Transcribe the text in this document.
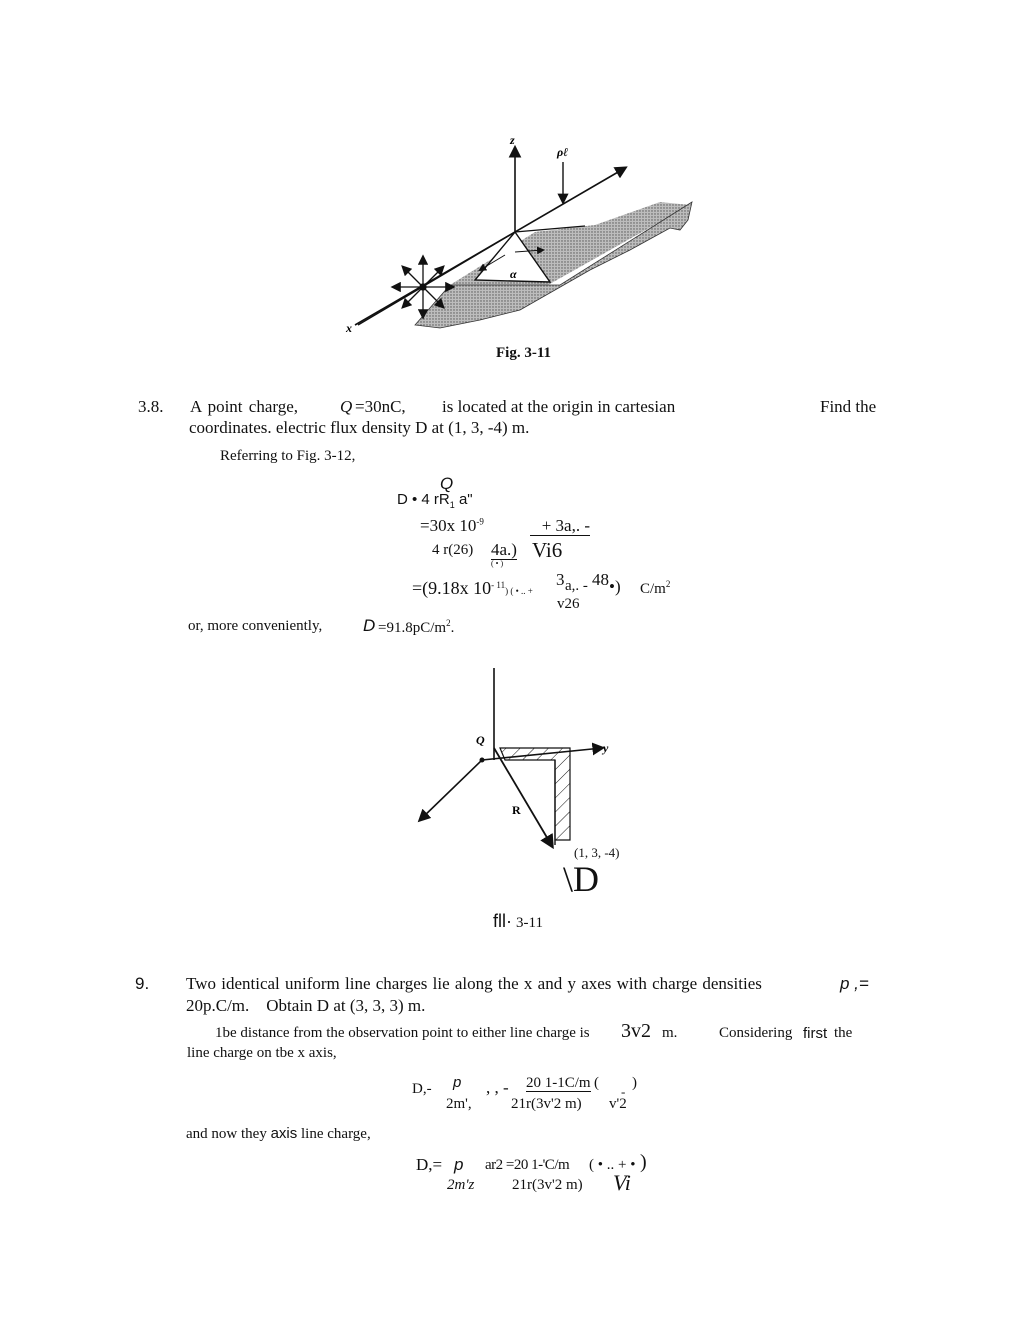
z
ρℓ
α
x
Fig. 3-11
3.8. A point charge, Q =30nC, is located at the origin in cartesian	Find the
coordinates. electric flux density D at (1, 3, -4) m.
Referring to Fig. 3-12,
Q
D • 4 $rR_1$ a"
=30x $10^{-9}$	+ 3a,. -
4 r(26) 4a.) Vi6
( • )
=(9.18x $10^{- 11}$) ( • .. +
3 a,. - 48 •) $C/m^2$
v26
or, more conveniently, $D =91.8pC/m^2$.
Q
y
R
(1, 3, -4)
\D
fll· 3-11
9. Two identical uniform line charges lie along the x and y axes with charge densities	p ,=
20p.C/m.    Obtain D at (3, 3, 3) m.
1be distance from the observation point to either line charge is 3v2 m.	Considering first the
line charge on tbe x axis,
D,- p , , - 20 1-1C/m ( )
-
2m',	21r(3v'2 m) v'2
and now they axis line charge,
D,= p ar2 =20 1-'C/m ( • .. + • )
2m'z	21r(3v'2 m) Vi
